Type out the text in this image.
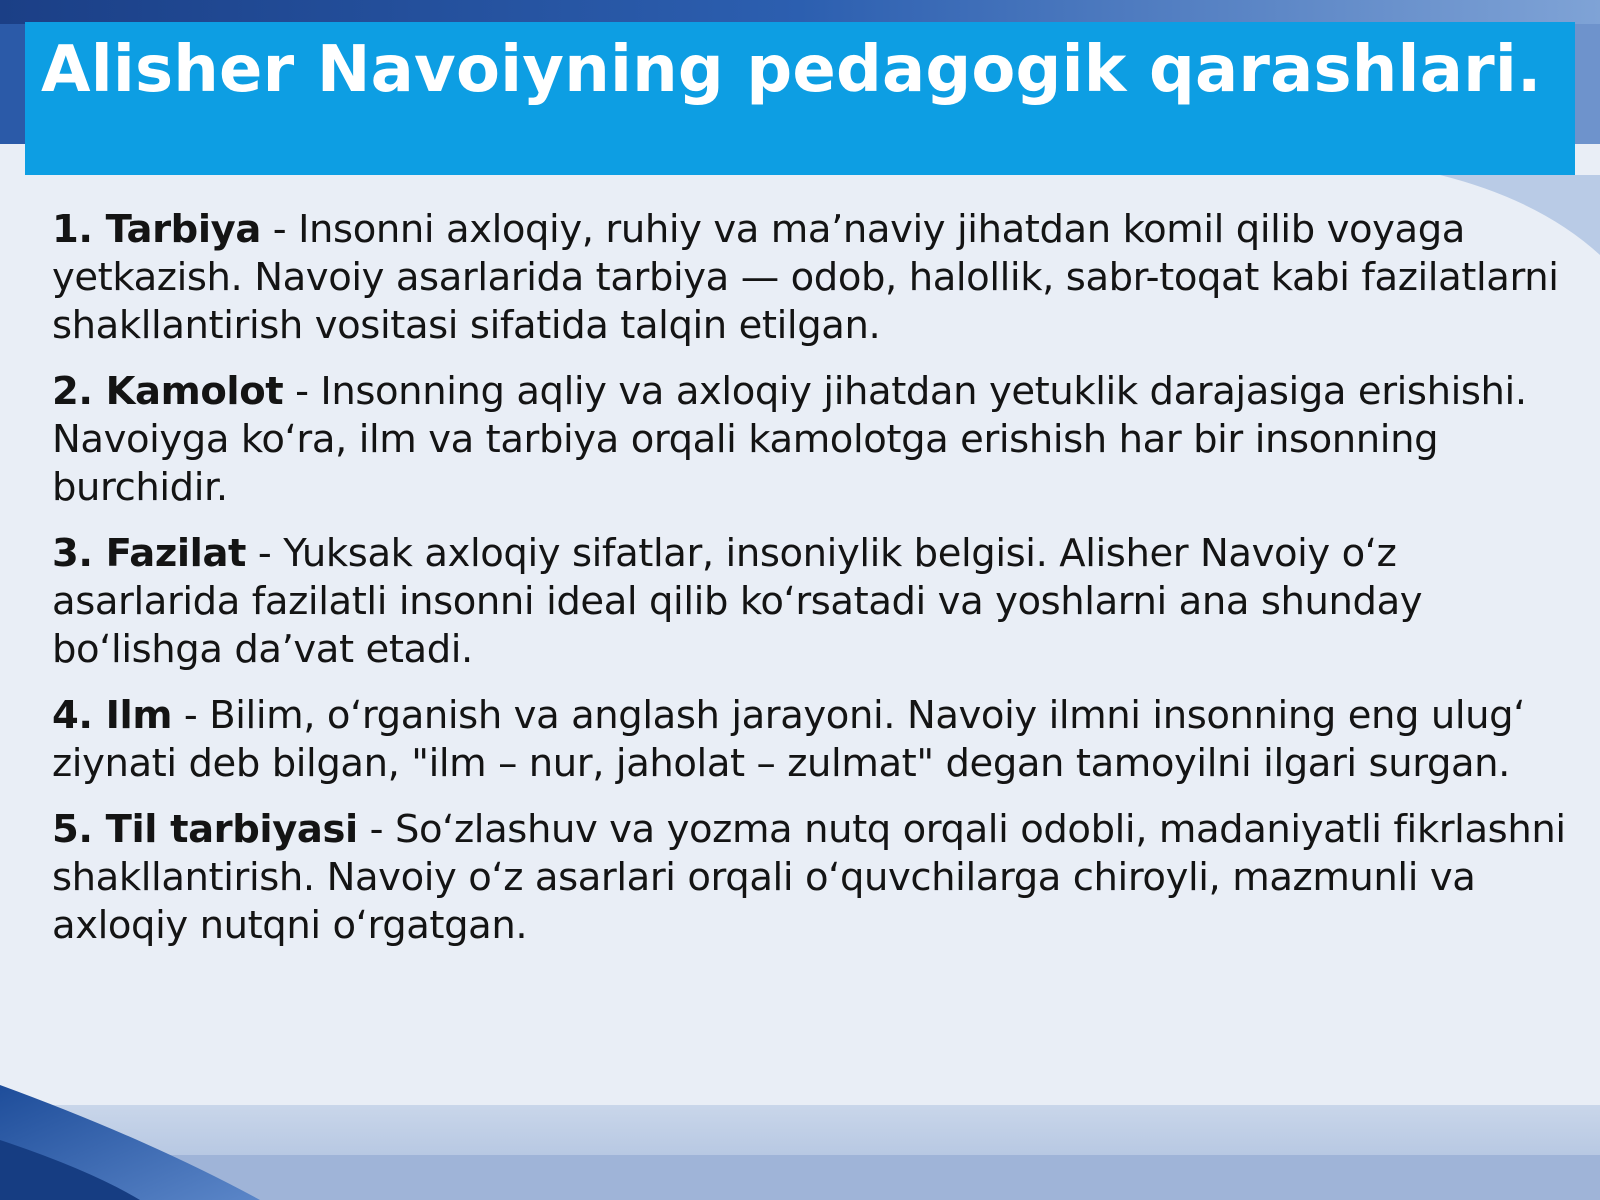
Alisher Navoiyning pedagogik qarashlari.

1. Tarbiya - Insonni axloqiy, ruhiy va ma’naviy jihatdan komil qilib voyaga yetkazish. Navoiy asarlarida tarbiya — odob, halollik, sabr-toqat kabi fazilatlarni shakllantirish vositasi sifatida talqin etilgan.

2. Kamolot - Insonning aqliy va axloqiy jihatdan yetuklik darajasiga erishishi. Navoiyga ko‘ra, ilm va tarbiya orqali kamolotga erishish har bir insonning burchidir.

3. Fazilat - Yuksak axloqiy sifatlar, insoniylik belgisi. Alisher Navoiy o‘z asarlarida fazilatli insonni ideal qilib ko‘rsatadi va yoshlarni ana shunday bo‘lishga da’vat etadi.

4. Ilm - Bilim, o‘rganish va anglash jarayoni. Navoiy ilmni insonning eng ulug‘ ziynati deb bilgan, "ilm – nur, jaholat – zulmat" degan tamoyilni ilgari surgan.

5. Til tarbiyasi - So‘zlashuv va yozma nutq orqali odobli, madaniyatli fikrlashni shakllantirish. Navoiy o‘z asarlari orqali o‘quvchilarga chiroyli, mazmunli va axloqiy nutqni o‘rgatgan.
